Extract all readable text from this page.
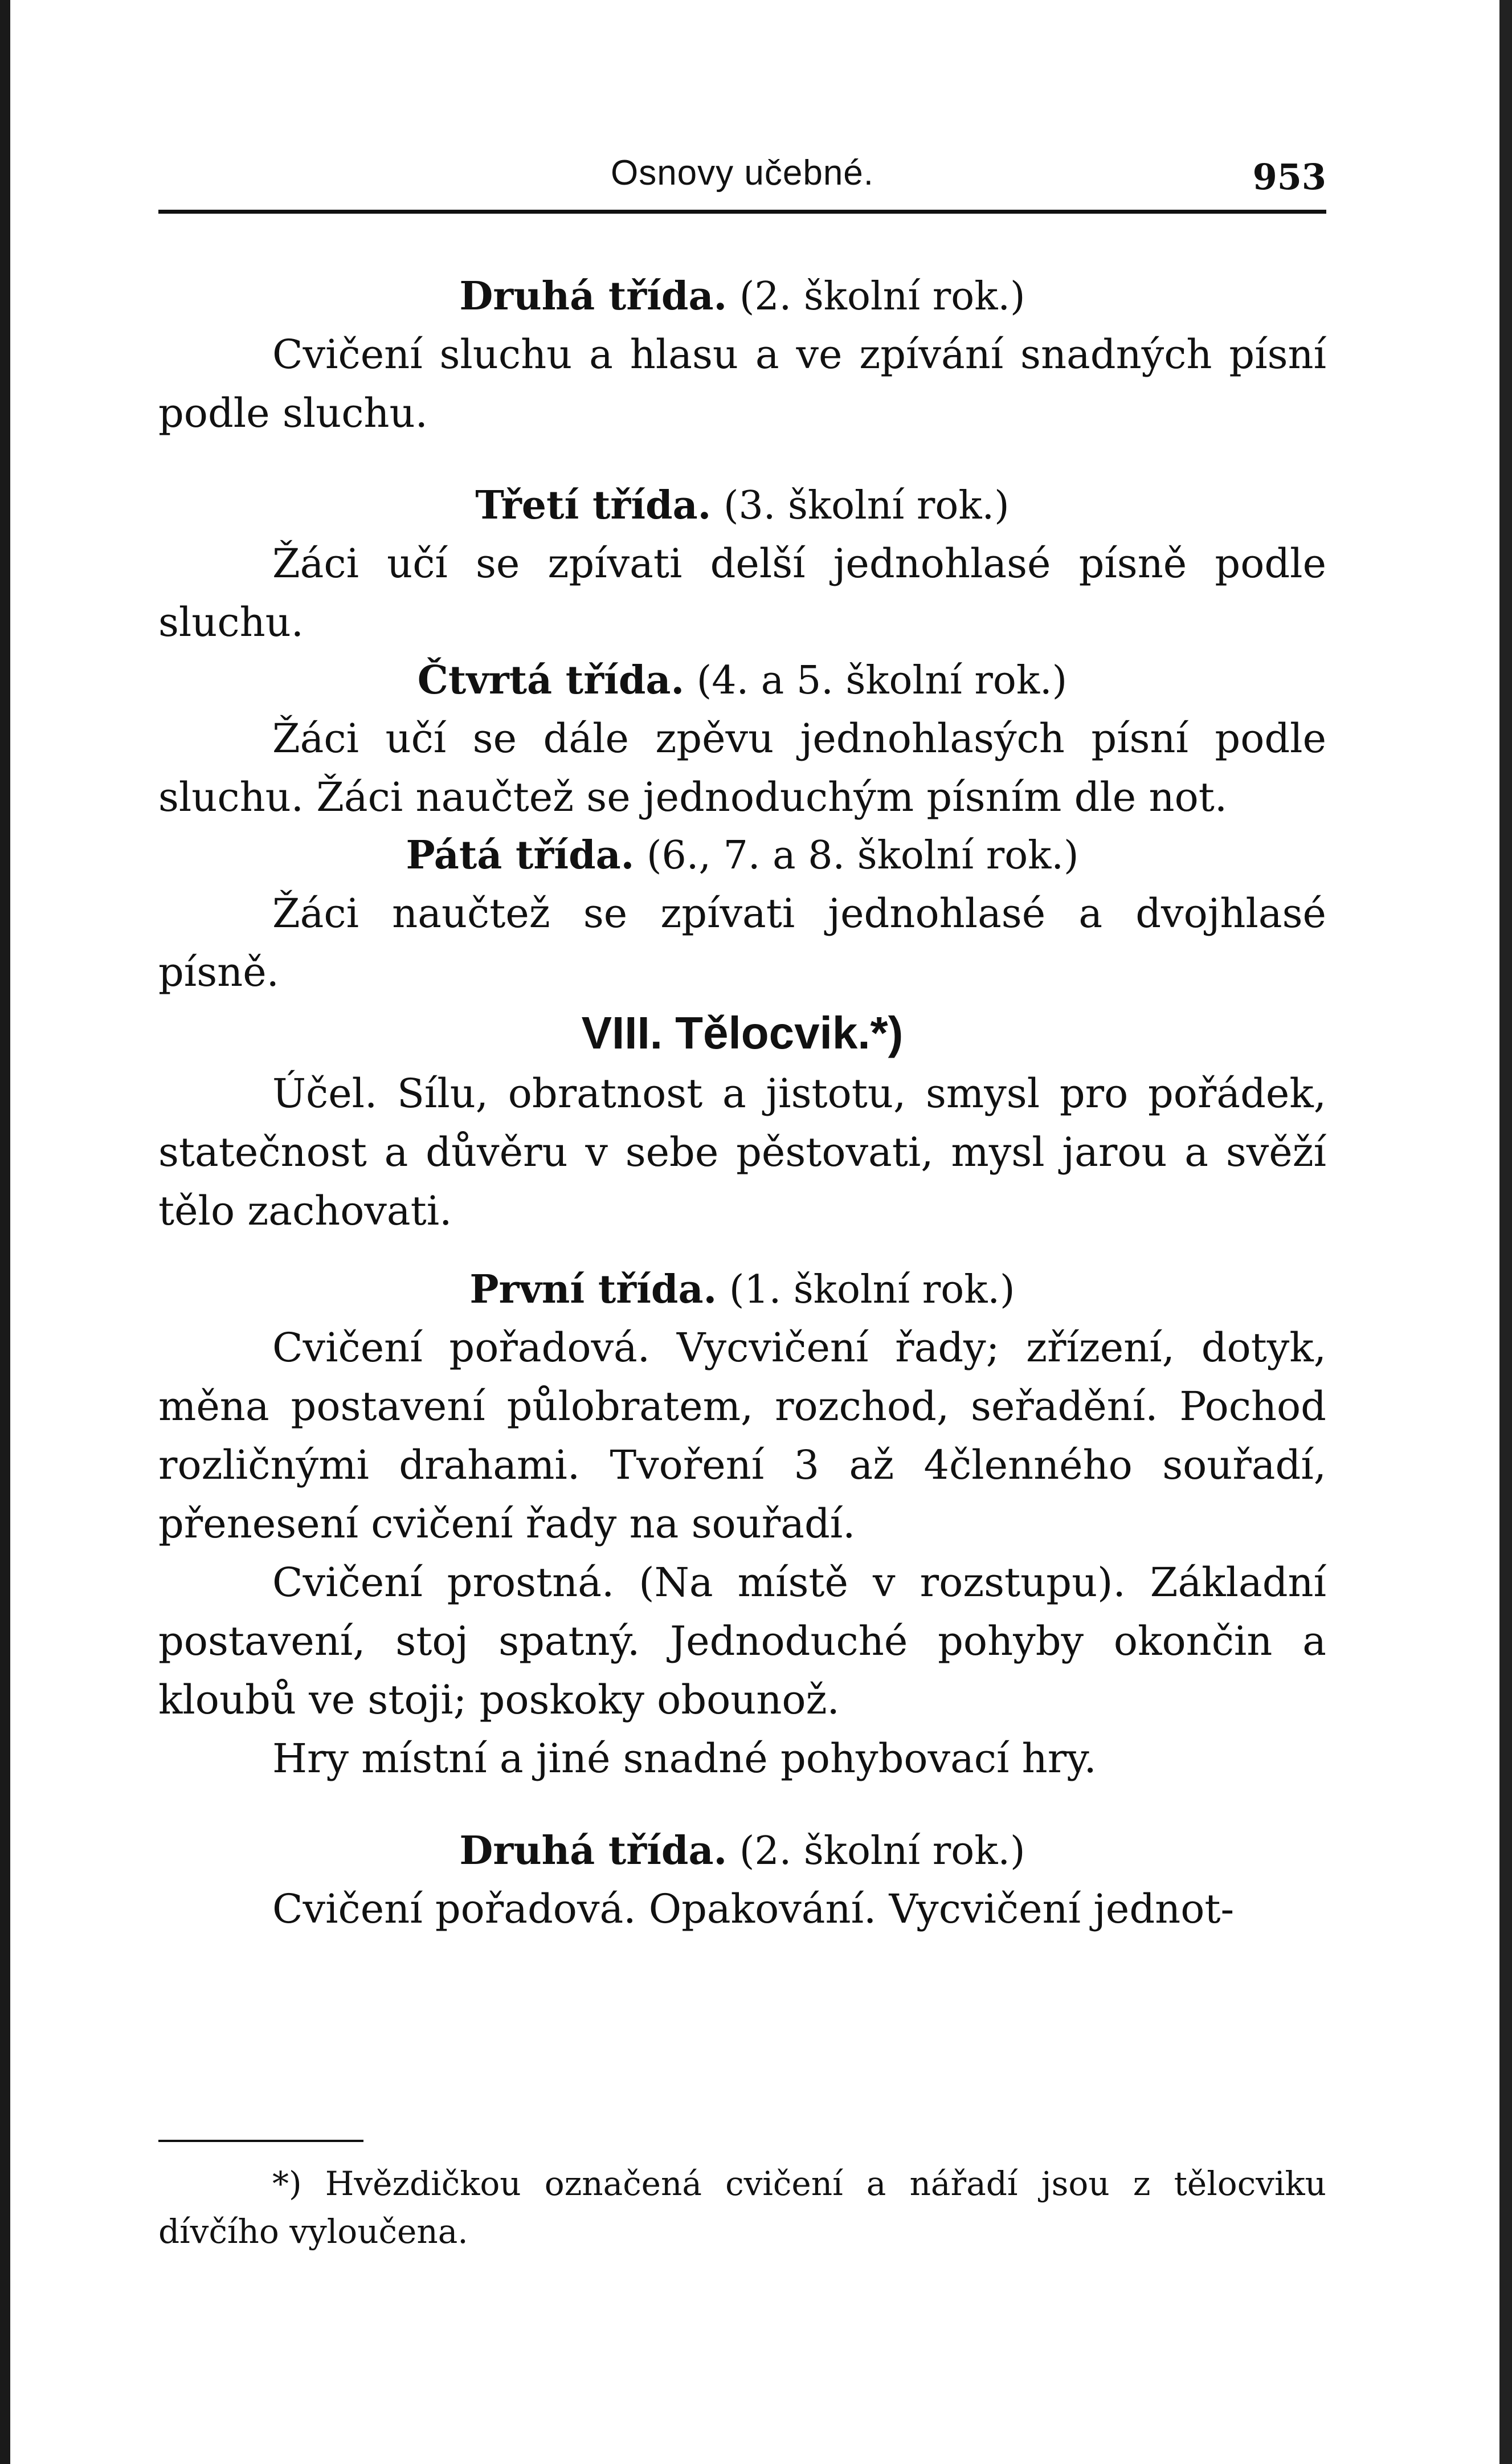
Osnovy učebné.	953

Druhá třída. (2. školní rok.)

Cvičení sluchu a hlasu a ve zpívání snadných písní podle sluchu.

Třetí třída. (3. školní rok.)

Žáci učí se zpívati delší jednohlasé písně podle sluchu.

Čtvrtá třída. (4. a 5. školní rok.)

Žáci učí se dále zpěvu jednohlasých písní podle sluchu. Žáci naučtež se jednoduchým písním dle not.

Pátá třída. (6., 7. a 8. školní rok.)

Žáci naučtež se zpívati jednohlasé a dvojhlasé písně.

VIII. Tělocvik.*)

Účel. Sílu, obratnost a jistotu, smysl pro pořádek, statečnost a důvěru v sebe pěstovati, mysl jarou a svěží tělo zachovati.

První třída. (1. školní rok.)

Cvičení pořadová. Vycvičení řady; zřízení, dotyk, měna postavení půlobratem, rozchod, seřadění. Pochod rozličnými drahami. Tvoření 3 až 4členného souřadí, přenesení cvičení řady na souřadí.

Cvičení prostná. (Na místě v rozstupu). Základní postavení, stoj spatný. Jednoduché pohyby okončin a kloubů ve stoji; poskoky obounož.

Hry místní a jiné snadné pohybovací hry.

Druhá třída. (2. školní rok.)

Cvičení pořadová. Opakování. Vycvičení jednot-

*) Hvězdičkou označená cvičení a nářadí jsou z tělocviku dívčího vyloučena.
